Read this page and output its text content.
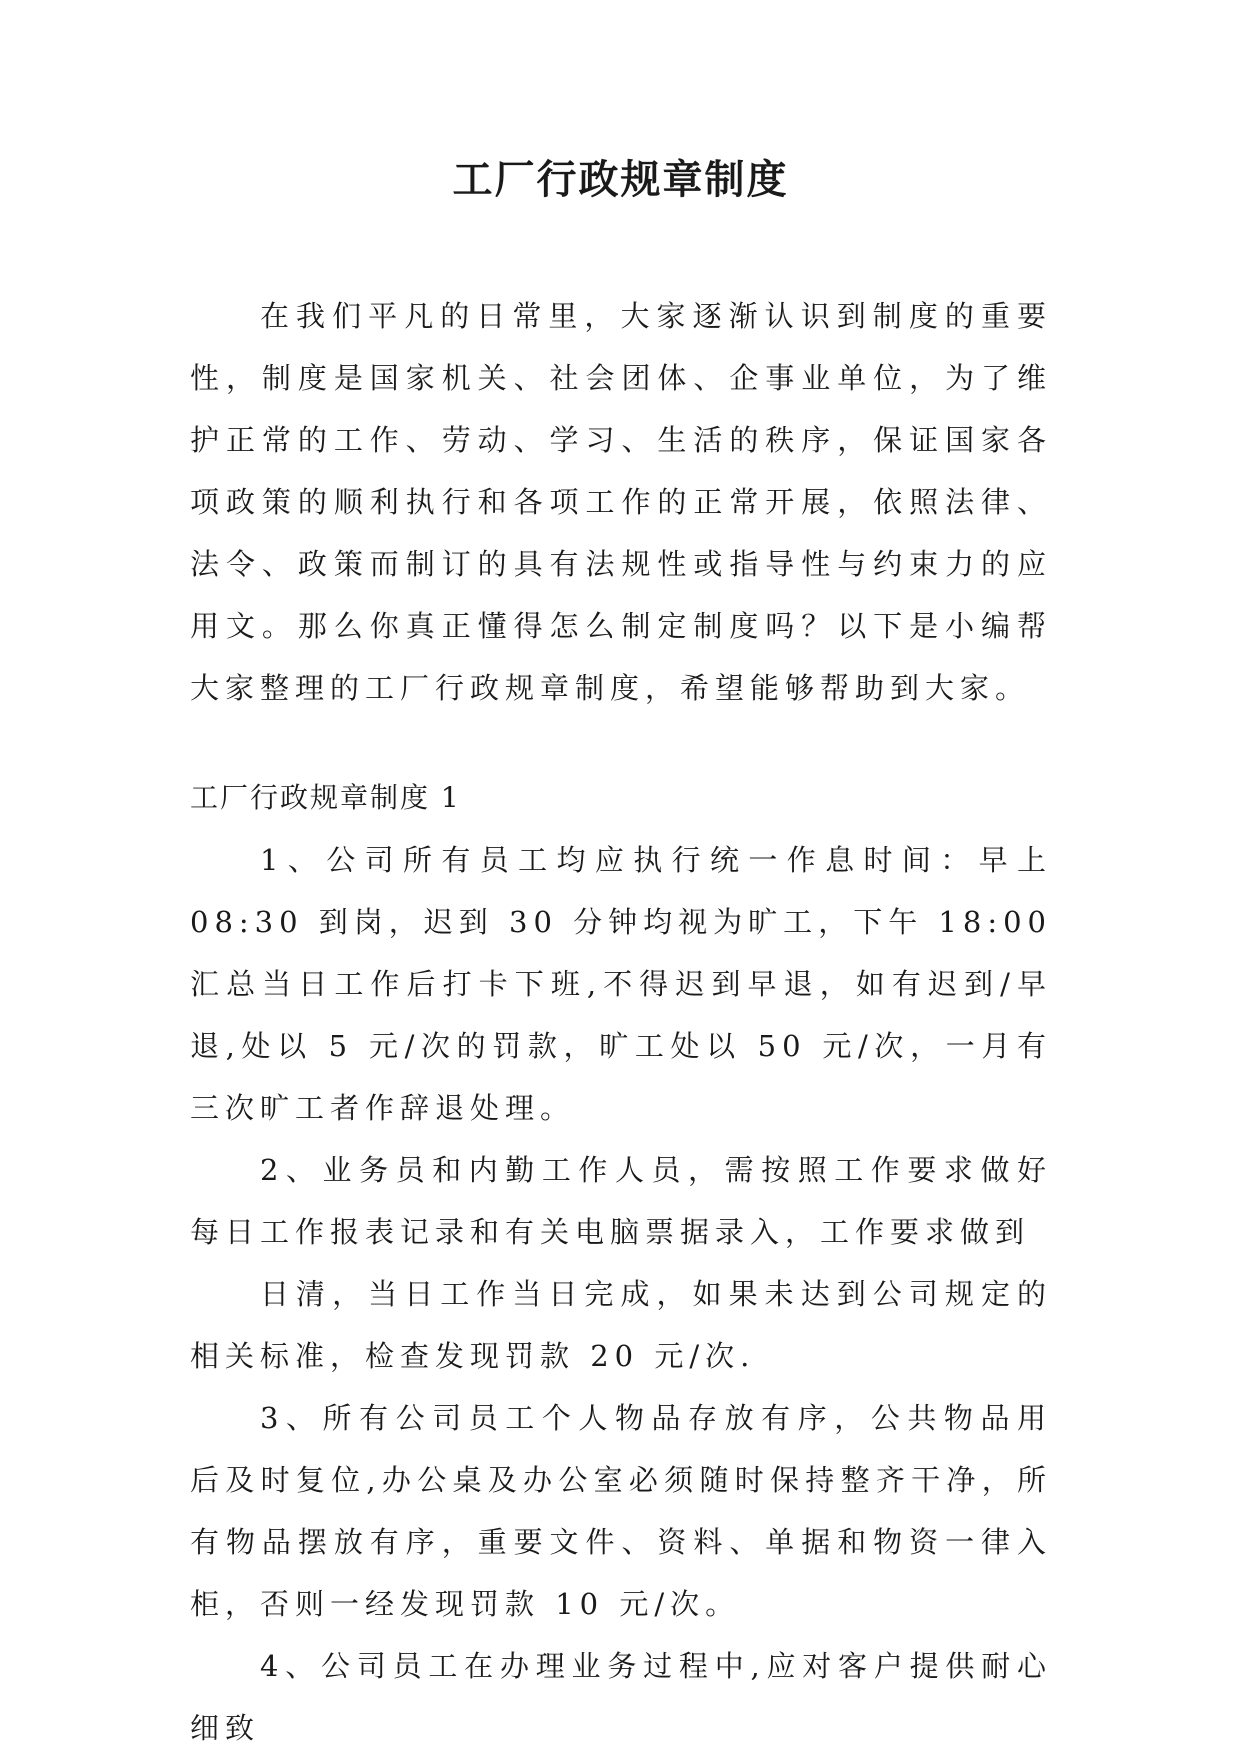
工厂行政规章制度

在我们平凡的日常里，大家逐渐认识到制度的重要性，制度是国家机关、社会团体、企事业单位，为了维护正常的工作、劳动、学习、生活的秩序，保证国家各项政策的顺利执行和各项工作的正常开展，依照法律、法令、政策而制订的具有法规性或指导性与约束力的应用文。那么你真正懂得怎么制定制度吗？以下是小编帮大家整理的工厂行政规章制度，希望能够帮助到大家。

工厂行政规章制度 1

1、公司所有员工均应执行统一作息时间：早上 08:30 到岗，迟到 30 分钟均视为旷工，下午 18:00 汇总当日工作后打卡下班,不得迟到早退，如有迟到/早退,处以 5 元/次的罚款，旷工处以 50 元/次，一月有三次旷工者作辞退处理。

2、业务员和内勤工作人员，需按照工作要求做好每日工作报表记录和有关电脑票据录入，工作要求做到

日清，当日工作当日完成，如果未达到公司规定的相关标准，检查发现罚款 20 元/次.

3、所有公司员工个人物品存放有序，公共物品用后及时复位,办公桌及办公室必须随时保持整齐干净，所有物品摆放有序，重要文件、资料、单据和物资一律入柜，否则一经发现罚款 10 元/次。

4、公司员工在办理业务过程中,应对客户提供耐心细致
